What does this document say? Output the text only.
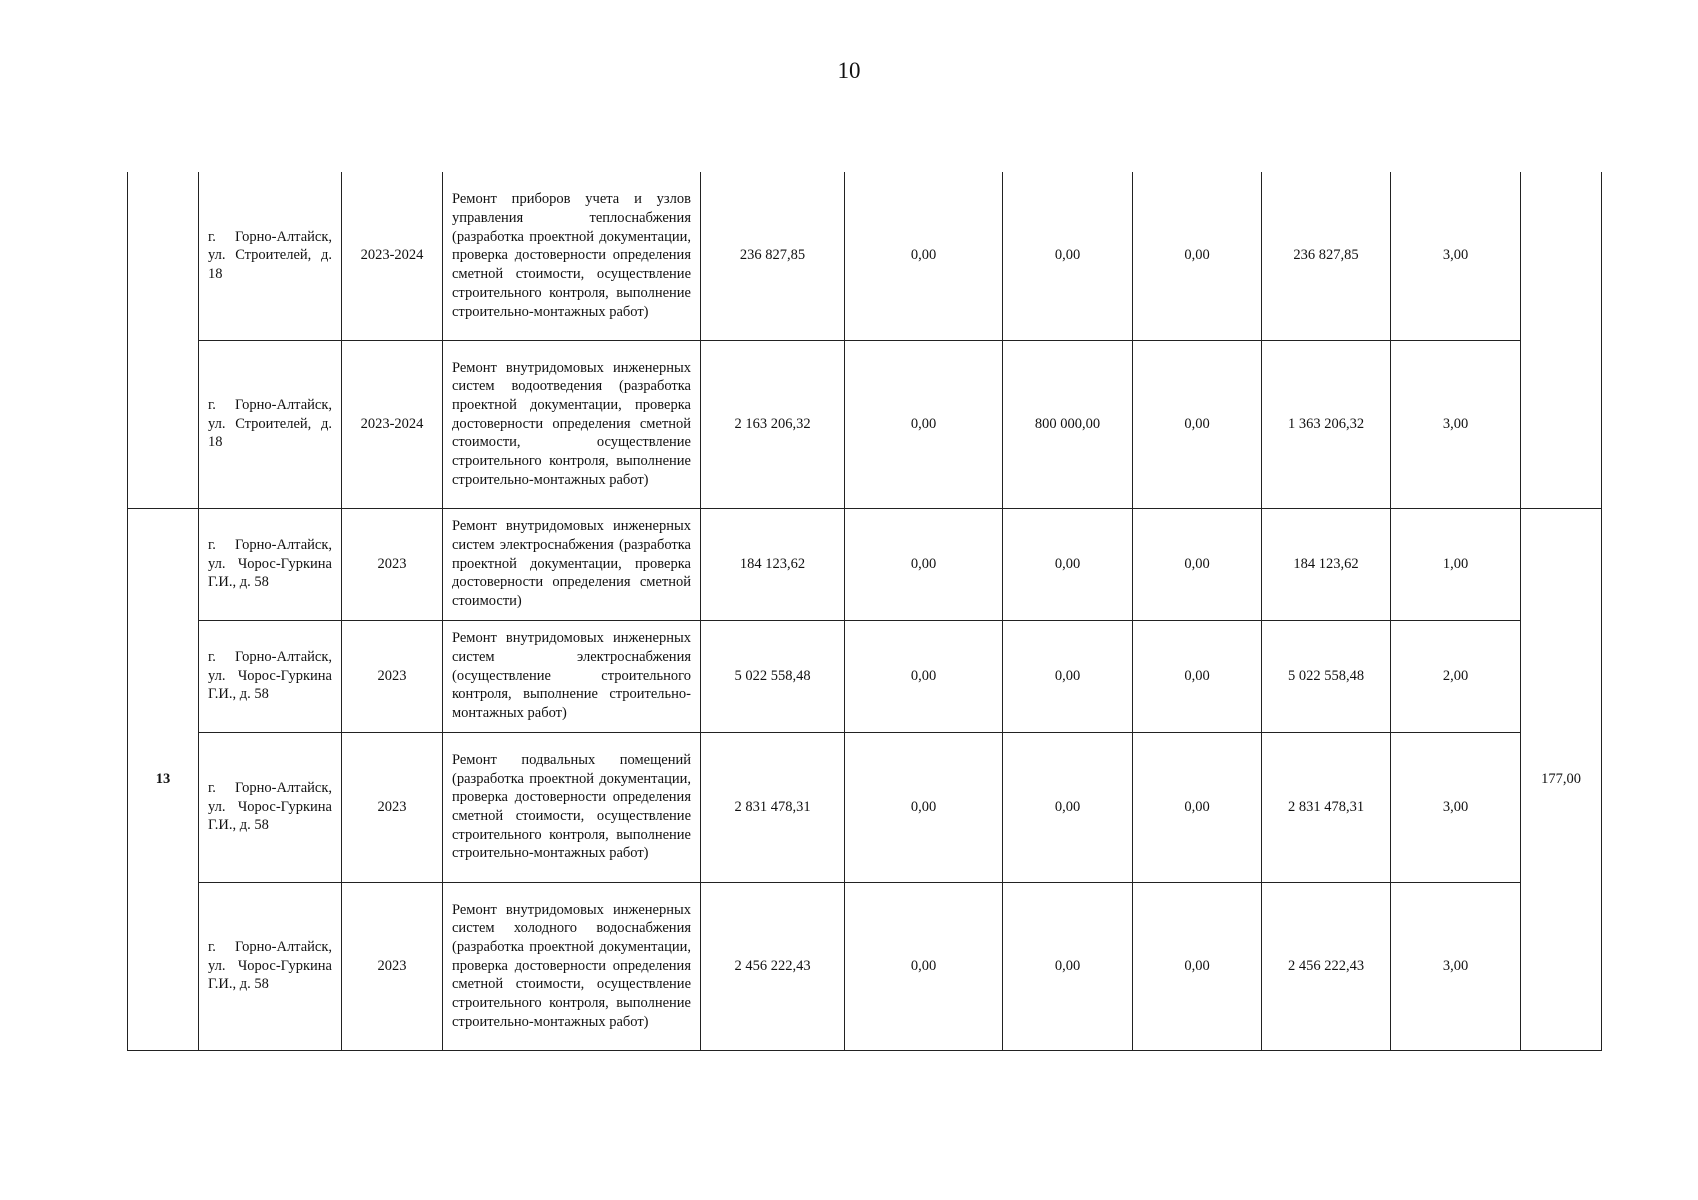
10
	г. Горно-Алтайск, ул. Строителей, д. 18	2023-2024	Ремонт приборов учета и узлов управления теплоснабжения (разработка проектной документации, проверка достоверности определения сметной стоимости, осуществление строительного контроля, выполнение строительно-монтажных работ)	236 827,85	0,00	0,00	0,00	236 827,85	3,00	
	г. Горно-Алтайск, ул. Строителей, д. 18	2023-2024	Ремонт внутридомовых инженерных систем водоотведения (разработка проектной документации, проверка достоверности определения сметной стоимости, осуществление строительного контроля, выполнение строительно-монтажных работ)	2 163 206,32	0,00	800 000,00	0,00	1 363 206,32	3,00	
13	г. Горно-Алтайск, ул. Чорос-Гуркина Г.И., д. 58	2023	Ремонт внутридомовых инженерных систем электроснабжения (разработка проектной документации, проверка достоверности определения сметной стоимости)	184 123,62	0,00	0,00	0,00	184 123,62	1,00	177,00
	г. Горно-Алтайск, ул. Чорос-Гуркина Г.И., д. 58	2023	Ремонт внутридомовых инженерных систем электроснабжения (осуществление строительного контроля, выполнение строительно-монтажных работ)	5 022 558,48	0,00	0,00	0,00	5 022 558,48	2,00	
	г. Горно-Алтайск, ул. Чорос-Гуркина Г.И., д. 58	2023	Ремонт подвальных помещений (разработка проектной документации, проверка достоверности определения сметной стоимости, осуществление строительного контроля, выполнение строительно-монтажных работ)	2 831 478,31	0,00	0,00	0,00	2 831 478,31	3,00	
	г. Горно-Алтайск, ул. Чорос-Гуркина Г.И., д. 58	2023	Ремонт внутридомовых инженерных систем холодного водоснабжения (разработка проектной документации, проверка достоверности определения сметной стоимости, осуществление строительного контроля, выполнение строительно-монтажных работ)	2 456 222,43	0,00	0,00	0,00	2 456 222,43	3,00	
